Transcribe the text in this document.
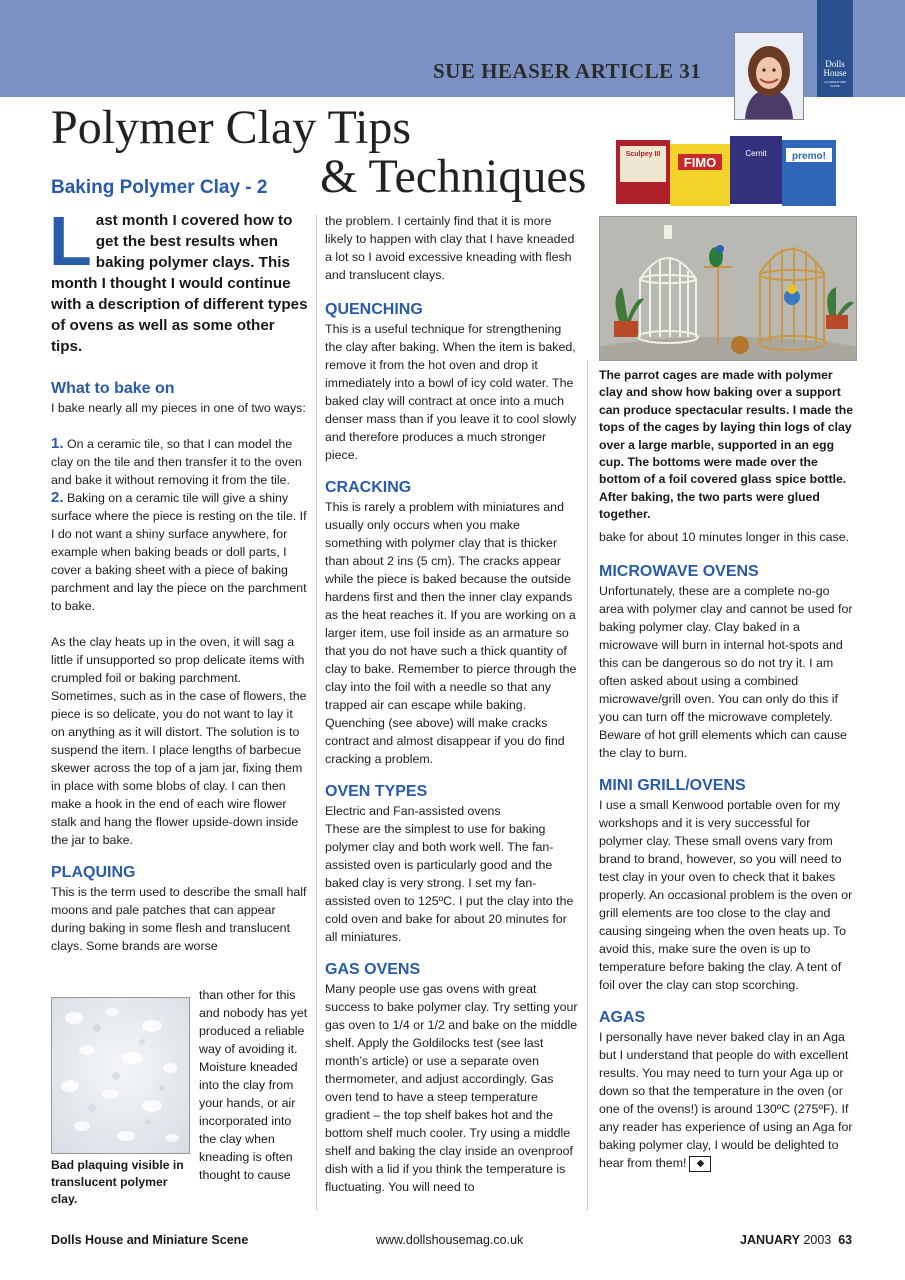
SUE HEASER ARTICLE 31	Dolls
House
and MINIATURE SCENE
Polymer Clay Tips
& Techniques
Baking Polymer Clay - 2
Sculpey III
FIMO
Cernit	premo!

Last month I covered how to get the best results when baking polymer clays. This month I thought I would continue with a description of different types of ovens as well as some other tips.

What to bake on

I bake nearly all my pieces in one of two ways:

1. On a ceramic tile, so that I can model the clay on the tile and then transfer it to the oven and bake it without removing it from the tile.

2. Baking on a ceramic tile will give a shiny surface where the piece is resting on the tile. If I do not want a shiny surface anywhere, for example when baking beads or doll parts, I cover a baking sheet with a piece of baking parchment and lay the piece on the parchment to bake.

As the clay heats up in the oven, it will sag a little if unsupported so prop delicate items with crumpled foil or baking parchment. Sometimes, such as in the case of flowers, the piece is so delicate, you do not want to lay it on anything as it will distort. The solution is to suspend the item. I place lengths of barbecue skewer across the top of a jam jar, fixing them in place with some blobs of clay. I can then make a hook in the end of each wire flower stalk and hang the flower upside-down inside the jar to bake.

PLAQUING

This is the term used to describe the small half moons and pale patches that can appear during baking in some flesh and translucent clays. Some brands are worse

Bad plaquing visible in translucent polymer clay.

than other for this and nobody has yet produced a reliable way of avoiding it. Moisture kneaded into the clay from your hands, or air incorporated into the clay when kneading is often thought to cause

the problem. I certainly find that it is more likely to happen with clay that I have kneaded a lot so I avoid excessive kneading with flesh and translucent clays.

QUENCHING

This is a useful technique for strengthening the clay after baking. When the item is baked, remove it from the hot oven and drop it immediately into a bowl of icy cold water. The baked clay will contract at once into a much denser mass than if you leave it to cool slowly and therefore produces a much stronger piece.

CRACKING

This is rarely a problem with miniatures and usually only occurs when you make something with polymer clay that is thicker than about 2 ins (5 cm). The cracks appear while the piece is baked because the outside hardens first and then the inner clay expands as the heat reaches it. If you are working on a larger item, use foil inside as an armature so that you do not have such a thick quantity of clay to bake. Remember to pierce through the clay into the foil with a needle so that any trapped air can escape while baking. Quenching (see above) will make cracks contract and almost disappear if you do find cracking a problem.

OVEN TYPES

Electric and Fan-assisted ovens

These are the simplest to use for baking polymer clay and both work well. The fan-assisted oven is particularly good and the baked clay is very strong. I set my fan-assisted oven to 125ºC. I put the clay into the cold oven and bake for about 20 minutes for all miniatures.

GAS OVENS

Many people use gas ovens with great success to bake polymer clay. Try setting your gas oven to 1/4 or 1/2 and bake on the middle shelf. Apply the Goldilocks test (see last month’s article) or use a separate oven thermometer, and adjust accordingly. Gas oven tend to have a steep temperature gradient – the top shelf bakes hot and the bottom shelf much cooler. Try using a middle shelf and baking the clay inside an ovenproof dish with a lid if you think the temperature is fluctuating. You will need to

The parrot cages are made with polymer clay and show how baking over a support can produce spectacular results. I made the tops of the cages by laying thin logs of clay over a large marble, supported in an egg cup. The bottoms were made over the bottom of a foil covered glass spice bottle. After baking, the two parts were glued together.

bake for about 10 minutes longer in this case.

MICROWAVE OVENS

Unfortunately, these are a complete no-go area with polymer clay and cannot be used for baking polymer clay. Clay baked in a microwave will burn in internal hot-spots and this can be dangerous so do not try it. I am often asked about using a combined microwave/grill oven. You can only do this if you can turn off the microwave completely. Beware of hot grill elements which can cause the clay to burn.

MINI GRILL/OVENS

I use a small Kenwood portable oven for my workshops and it is very successful for polymer clay. These small ovens vary from brand to brand, however, so you will need to test clay in your oven to check that it bakes properly. An occasional problem is the oven or grill elements are too close to the clay and causing singeing when the oven heats up. To avoid this, make sure the oven is up to temperature before baking the clay. A tent of foil over the clay can stop scorching.

AGAS

I personally have never baked clay in an Aga but I understand that people do with excellent results. You may need to turn your Aga up or down so that the temperature in the oven (or one of the ovens!) is around 130ºC (275ºF). If any reader has experience of using an Aga for baking polymer clay, I would be delighted to hear from them! ◆

Dolls House and Miniature Scene	www.dollshousemag.co.uk	JANUARY 2003 63
